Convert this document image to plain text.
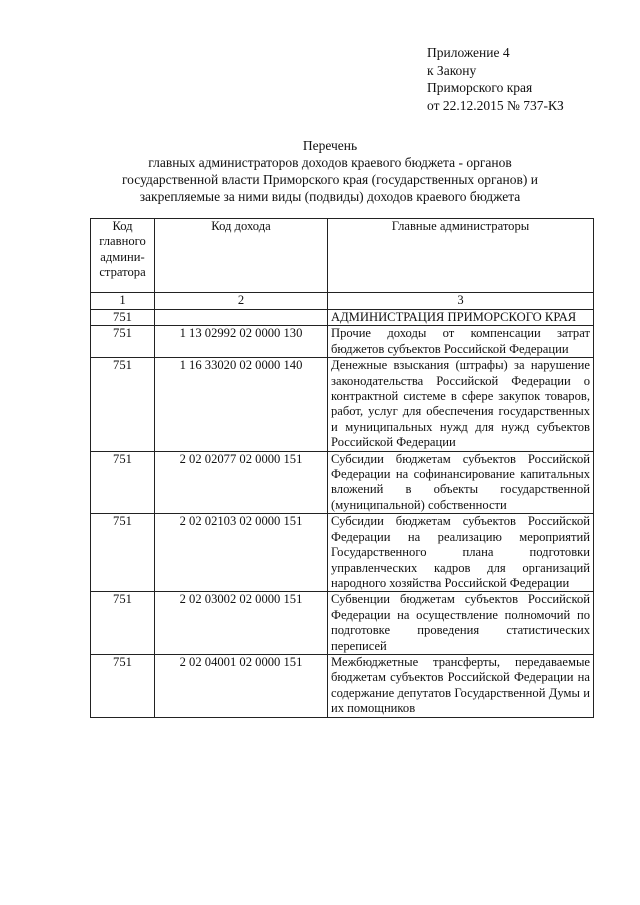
Приложение 4
к Закону
Приморского края
от 22.12.2015 № 737-КЗ
Перечень
главных администраторов доходов краевого бюджета - органов
государственной власти Приморского края (государственных органов) и
закрепляемые за ними виды (подвиды) доходов краевого бюджета
Код
главного
админи-
стратора	Код дохода	Главные администраторы
1	2	3
751		АДМИНИСТРАЦИЯ ПРИМОРСКОГО КРАЯ
751	1 13 02992 02 0000 130	Прочие доходы от компенсации затрат бюджетов субъектов Российской Федерации
751	1 16 33020 02 0000 140	Денежные взыскания (штрафы) за нарушение законодательства Российской Федерации о контрактной системе в сфере закупок товаров, работ, услуг для обеспечения государственных и муниципальных нужд для нужд субъектов Российской Федерации
751	2 02 02077 02 0000 151	Субсидии бюджетам субъектов Российской Федерации на софинансирование капитальных вложений в объекты государственной (муниципальной) собственности
751	2 02 02103 02 0000 151	Субсидии бюджетам субъектов Российской Федерации на реализацию мероприятий Государственного плана подготовки управленческих кадров для организаций народного хозяйства Российской Федерации
751	2 02 03002 02 0000 151	Субвенции бюджетам субъектов Российской Федерации на осуществление полномочий по подготовке проведения статистических переписей
751	2 02 04001 02 0000 151	Межбюджетные трансферты, передаваемые бюджетам субъектов Российской Федерации на содержание депутатов Государственной Думы и их помощников
